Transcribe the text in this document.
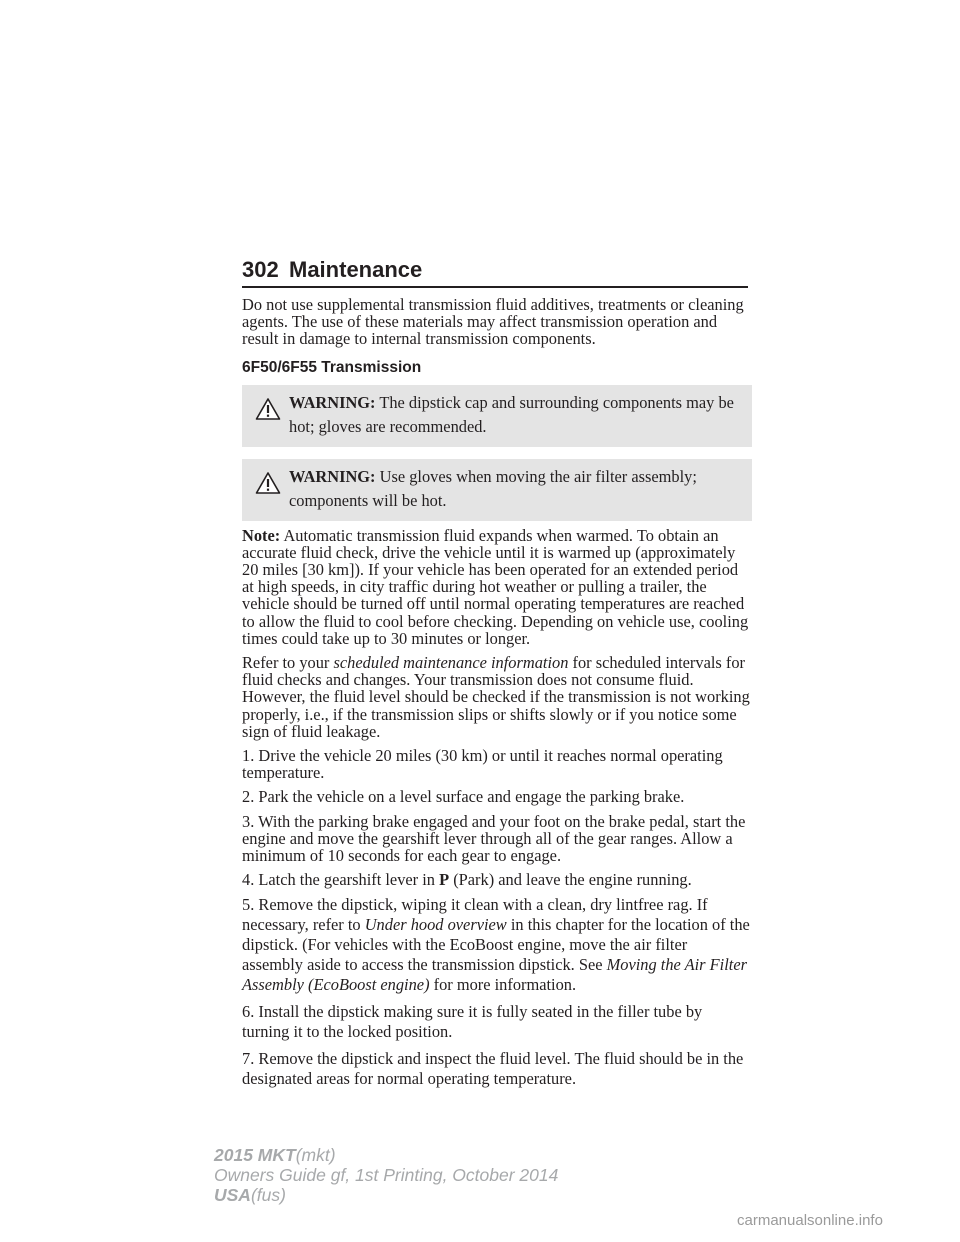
302 Maintenance

Do not use supplemental transmission fluid additives, treatments or cleaning agents. The use of these materials may affect transmission operation and result in damage to internal transmission components.

6F50/6F55 Transmission
WARNING: The dipstick cap and surrounding components may be hot; gloves are recommended.
WARNING: Use gloves when moving the air filter assembly; components will be hot.

Note: Automatic transmission fluid expands when warmed. To obtain an accurate fluid check, drive the vehicle until it is warmed up (approximately 20 miles [30 km]). If your vehicle has been operated for an extended period at high speeds, in city traffic during hot weather or pulling a trailer, the vehicle should be turned off until normal operating temperatures are reached to allow the fluid to cool before checking. Depending on vehicle use, cooling times could take up to 30 minutes or longer.

Refer to your scheduled maintenance information for scheduled intervals for fluid checks and changes. Your transmission does not consume fluid. However, the fluid level should be checked if the transmission is not working properly, i.e., if the transmission slips or shifts slowly or if you notice some sign of fluid leakage.

1. Drive the vehicle 20 miles (30 km) or until it reaches normal operating temperature.

2. Park the vehicle on a level surface and engage the parking brake.

3. With the parking brake engaged and your foot on the brake pedal, start the engine and move the gearshift lever through all of the gear ranges. Allow a minimum of 10 seconds for each gear to engage.

4. Latch the gearshift lever in P (Park) and leave the engine running.

5. Remove the dipstick, wiping it clean with a clean, dry lintfree rag. If necessary, refer to Under hood overview in this chapter for the location of the dipstick. (For vehicles with the EcoBoost engine, move the air filter assembly aside to access the transmission dipstick. See Moving the Air Filter Assembly (EcoBoost engine) for more information.

6. Install the dipstick making sure it is fully seated in the filler tube by turning it to the locked position.

7. Remove the dipstick and inspect the fluid level. The fluid should be in the designated areas for normal operating temperature.

2015 MKT(mkt)
Owners Guide gf, 1st Printing, October 2014
USA(fus)
carmanualsonline.info
